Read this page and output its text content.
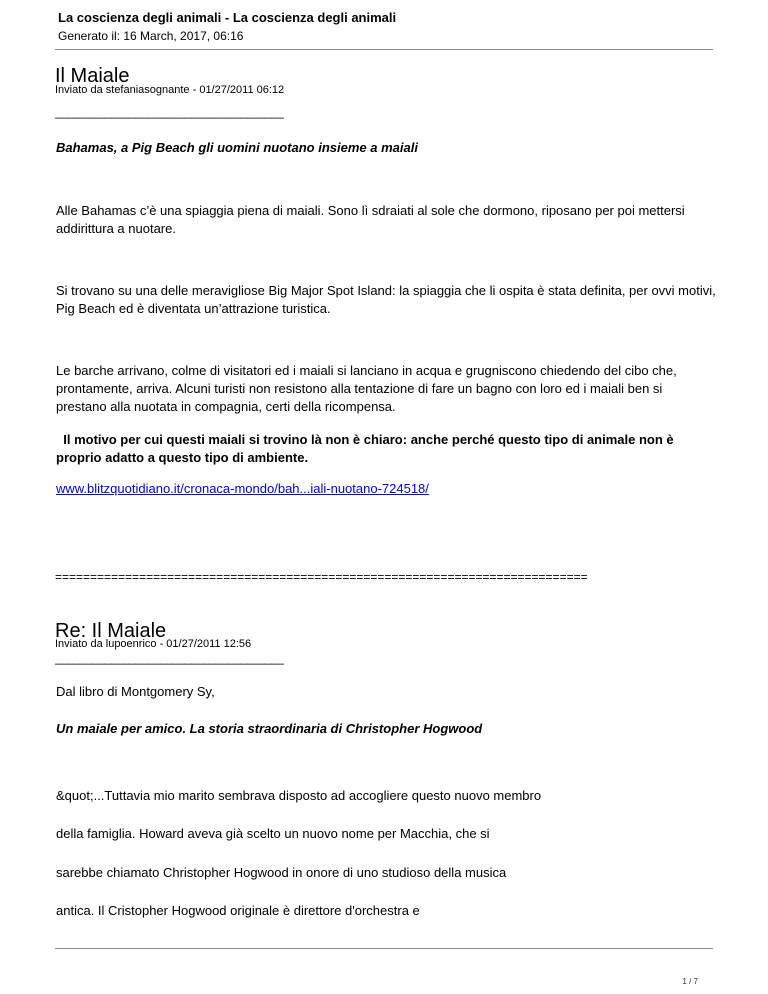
La coscienza degli animali - La coscienza degli animali
Generato il: 16 March, 2017, 06:16
Il Maiale
Inviato da stefaniasognante - 01/27/2011 06:12
_____________________________________
Bahamas, a Pig Beach gli uomini nuotano insieme a maiali
Alle Bahamas c’è una spiaggia piena di maiali. Sono lì sdraiati al sole che dormono, riposano per poi mettersi addirittura a nuotare.
Si trovano su una delle meravigliose Big Major Spot Island: la spiaggia che li ospita è stata definita, per ovvi motivi, Pig Beach ed è diventata un’attrazione turistica.
Le barche arrivano, colme di visitatori ed i maiali si lanciano in acqua e grugniscono chiedendo del cibo che, prontamente, arriva. Alcuni turisti non resistono alla tentazione di fare un bagno con loro ed i maiali ben si prestano alla nuotata in compagnia, certi della ricompensa.
Il motivo per cui questi maiali si trovino là non è chiaro: anche perché questo tipo di animale non è proprio adatto a questo tipo di ambiente.
www.blitzquotidiano.it/cronaca-mondo/bah...iali-nuotano-724518/
============================================================================
Re: Il Maiale
Inviato da lupoenrico - 01/27/2011 12:56
_____________________________________
Dal libro di Montgomery Sy,
Un maiale per amico. La storia straordinaria di Christopher Hogwood
&quot;...Tuttavia mio marito sembrava disposto ad accogliere questo nuovo membro
della famiglia. Howard aveva già scelto un nuovo nome per Macchia, che si
sarebbe chiamato Christopher Hogwood in onore di uno studioso della musica
antica. Il Cristopher Hogwood originale è direttore d'orchestra e
1 / 7
